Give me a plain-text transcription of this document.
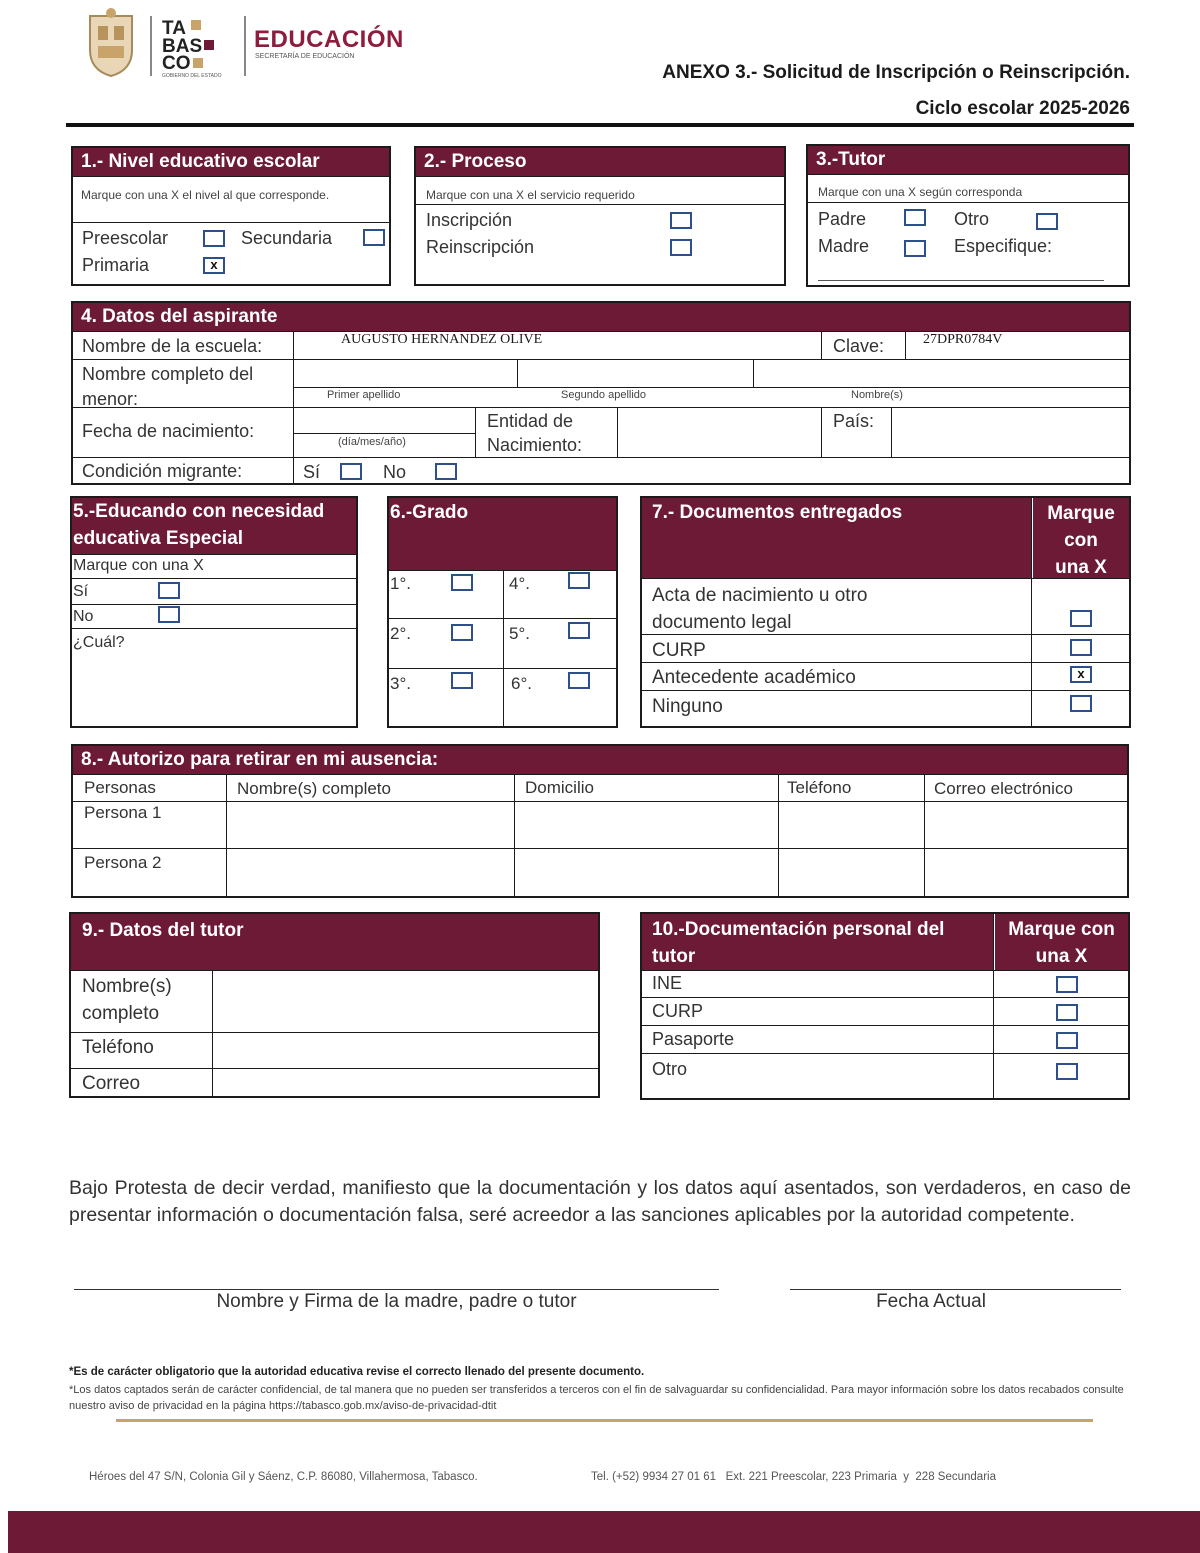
TA
BAS
CO
GOBIERNO DEL ESTADO
EDUCACIÓN
SECRETARÍA DE EDUCACIÓN
ANEXO 3.- Solicitud de Inscripción o Reinscripción.
Ciclo escolar 2025-2026
1.- Nivel educativo escolar
Marque con una X el nivel al que corresponde.
Preescolar	Secundaria
Primaria	x
2.- Proceso
Marque con una X el servicio requerido
Inscripción
Reinscripción
3.-Tutor
Marque con una X según corresponda
Padre	Otro
Madre	Especifique:
4. Datos del aspirante
Nombre de la escuela:	AUGUSTO HERNANDEZ OLIVE	Clave:	27DPR0784V
Nombre completo del menor:	Primer apellido	Segundo apellido	Nombre(s)
Fecha de nacimiento:
(día/mes/año)
Entidad de Nacimiento:
País:
Condición migrante:	Sí	No
5.-Educando con necesidad educativa Especial
Marque con una X
Sí
No
¿Cuál?
6.-Grado
1°.	4°.
2°.	5°.
3°.	6°.
7.- Documentos entregados	Marque con una X
Acta de nacimiento u otro documento legal
CURP
Antecedente académico	x
Ninguno
8.- Autorizo para retirar en mi ausencia:
Personas	Nombre(s) completo	Domicilio	Teléfono	Correo electrónico
Persona 1
Persona 2
9.- Datos del tutor
Nombre(s) completo
Teléfono
Correo
10.-Documentación personal del tutor
Marque con una X
INE
CURP
Pasaporte
Otro
Bajo Protesta de decir verdad, manifiesto que la documentación y los datos aquí asentados, son verdaderos, en caso de presentar información o documentación falsa, seré acreedor a las sanciones aplicables por la autoridad competente.
Nombre y Firma de la madre, padre o tutor	Fecha Actual
*Es de carácter obligatorio que la autoridad educativa revise el correcto llenado del presente documento.
*Los datos captados serán de carácter confidencial, de tal manera que no pueden ser transferidos a terceros con el fin de salvaguardar su confidencialidad. Para mayor información sobre los datos recabados consulte nuestro aviso de privacidad en la página https://tabasco.gob.mx/aviso-de-privacidad-dtit
Héroes del 47 S/N, Colonia Gil y Sáenz, C.P. 86080, Villahermosa, Tabasco.	Tel. (+52) 9934 27 01 61   Ext. 221 Preescolar, 223 Primaria  y  228 Secundaria
